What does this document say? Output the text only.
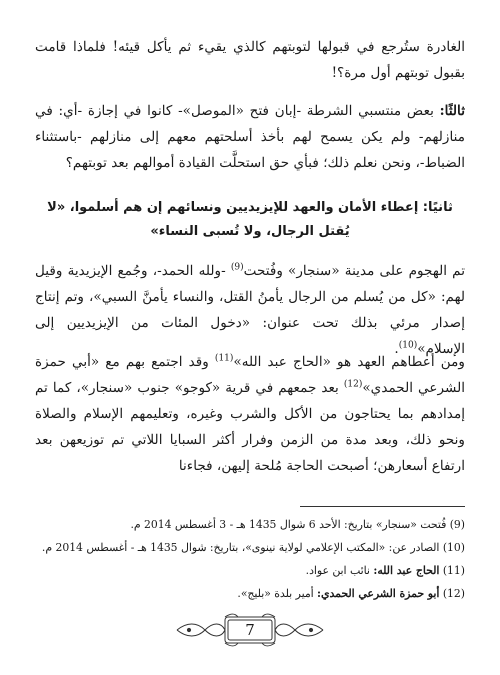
الغادرة ستُرجع في قبولها لتوبتهم كالذي يقيء ثم يأكل قيئه! فلماذا قامت بقبول توبتهم أول مرة؟!

ثالثًا: بعض منتسبي الشرطة -إبان فتح «الموصل»- كانوا في إجازة -أي: في منازلهم- ولم يكن يسمح لهم بأخذ أسلحتهم معهم إلى منازلهم -باستثناء الضباط-، ونحن نعلم ذلك؛ فبأي حق استحلَّت القيادة أموالهم بعد توبتهم؟

ثانيًا: إعطاء الأمان والعهد للإيزيديين ونسائهم إن هم أسلموا، «لا يُقتل الرجال، ولا تُسبى النساء»

تم الهجوم على مدينة «سنجار» وفُتحت$^{(9)}$ -ولله الحمد-، وجُمع الإيزيدية وقيل لهم: «كل من يُسلم من الرجال يأمنُ القتل، والنساء يأمنَّ السبي»، وتم إنتاج إصدار مرئي بذلك تحت عنوان: «دخول المئات من الإيزيديين إلى الإسلام»$^{(10)}$.

ومن أعطاهم العهد هو «الحاج عبد الله»$^{(11)}$ وقد اجتمع بهم مع «أبي حمزة الشرعي الحمدي»$^{(12)}$ بعد جمعهم في قرية «كوجو» جنوب «سنجار»، كما تم إمدادهم بما يحتاجون من الأكل والشرب وغيره، وتعليمهم الإسلام والصلاة ونحو ذلك، وبعد مدة من الزمن وفرار أكثر السبايا اللاتي تم توزيعهن بعد ارتفاع أسعارهن؛ أصبحت الحاجة مُلحة إليهن، فجاءنا

(9) فُتحت «سنجار» بتاريخ: الأحد 6 شوال 1435 هـ - 3 أغسطس 2014 م.

(10) الصادر عن: «المكتب الإعلامي لولاية نينوى»، بتاريخ: شوال 1435 هـ - أغسطس 2014 م.

(11) الحاج عبد الله: نائب ابن عواد.

(12) أبو حمزة الشرعي الحمدي: أمير بلدة «بليج».

7
